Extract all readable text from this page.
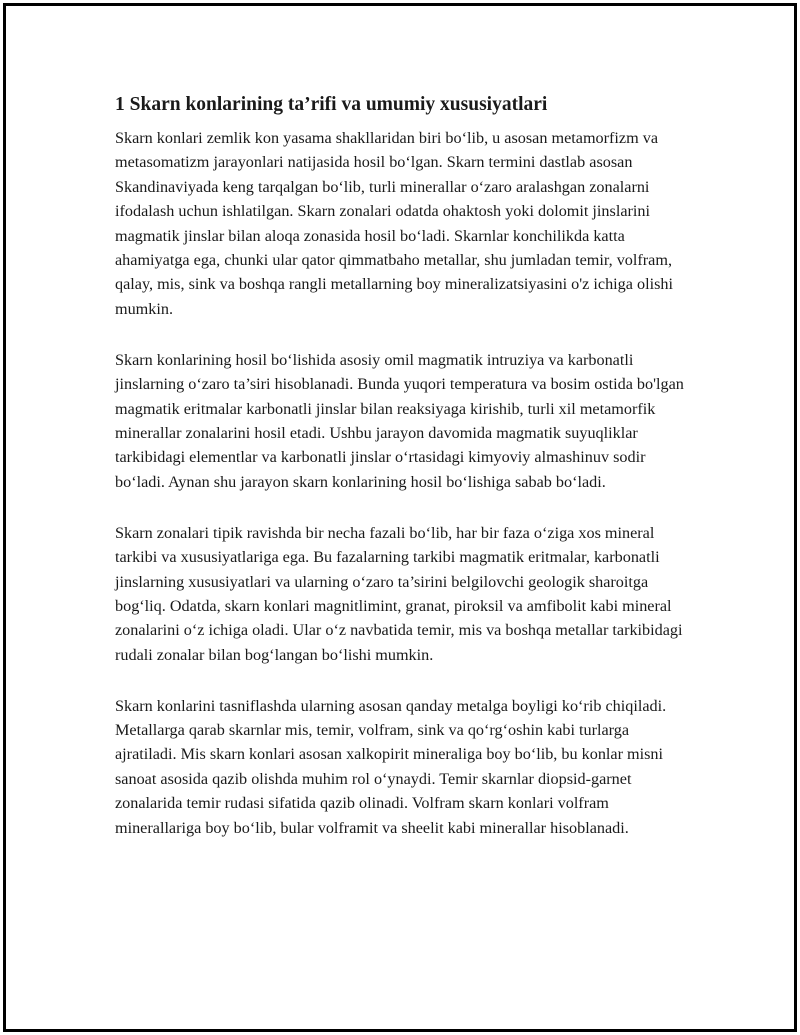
1 Skarn konlarining ta’rifi va umumiy xususiyatlari

Skarn konlari zemlik kon yasama shakllaridan biri bo‘lib, u asosan metamorfizm va metasomatizm jarayonlari natijasida hosil bo‘lgan. Skarn termini dastlab asosan Skandinaviyada keng tarqalgan bo‘lib, turli minerallar o‘zaro aralashgan zonalarni ifodalash uchun ishlatilgan. Skarn zonalari odatda ohaktosh yoki dolomit jinslarini magmatik jinslar bilan aloqa zonasida hosil bo‘ladi. Skarnlar konchilikda katta ahamiyatga ega, chunki ular qator qimmatbaho metallar, shu jumladan temir, volfram, qalay, mis, sink va boshqa rangli metallarning boy mineralizatsiyasini o'z ichiga olishi mumkin.

Skarn konlarining hosil bo‘lishida asosiy omil magmatik intruziya va karbonatli jinslarning o‘zaro ta’siri hisoblanadi. Bunda yuqori temperatura va bosim ostida bo'lgan magmatik eritmalar karbonatli jinslar bilan reaksiyaga kirishib, turli xil metamorfik minerallar zonalarini hosil etadi. Ushbu jarayon davomida magmatik suyuqliklar tarkibidagi elementlar va karbonatli jinslar o‘rtasidagi kimyoviy almashinuv sodir bo‘ladi. Aynan shu jarayon skarn konlarining hosil bo‘lishiga sabab bo‘ladi.

Skarn zonalari tipik ravishda bir necha fazali bo‘lib, har bir faza o‘ziga xos mineral tarkibi va xususiyatlariga ega. Bu fazalarning tarkibi magmatik eritmalar, karbonatli jinslarning xususiyatlari va ularning o‘zaro ta’sirini belgilovchi geologik sharoitga bog‘liq. Odatda, skarn konlari magnitlimint, granat, piroksil va amfibolit kabi mineral zonalarini o‘z ichiga oladi. Ular o‘z navbatida temir, mis va boshqa metallar tarkibidagi rudali zonalar bilan bog‘langan bo‘lishi mumkin.

Skarn konlarini tasniflashda ularning asosan qanday metalga boyligi ko‘rib chiqiladi. Metallarga qarab skarnlar mis, temir, volfram, sink va qo‘rg‘oshin kabi turlarga ajratiladi. Mis skarn konlari asosan xalkopirit mineraliga boy bo‘lib, bu konlar misni sanoat asosida qazib olishda muhim rol o‘ynaydi. Temir skarnlar diopsid-garnet zonalarida temir rudasi sifatida qazib olinadi. Volfram skarn konlari volfram minerallariga boy bo‘lib, bular volframit va sheelit kabi minerallar hisoblanadi.
